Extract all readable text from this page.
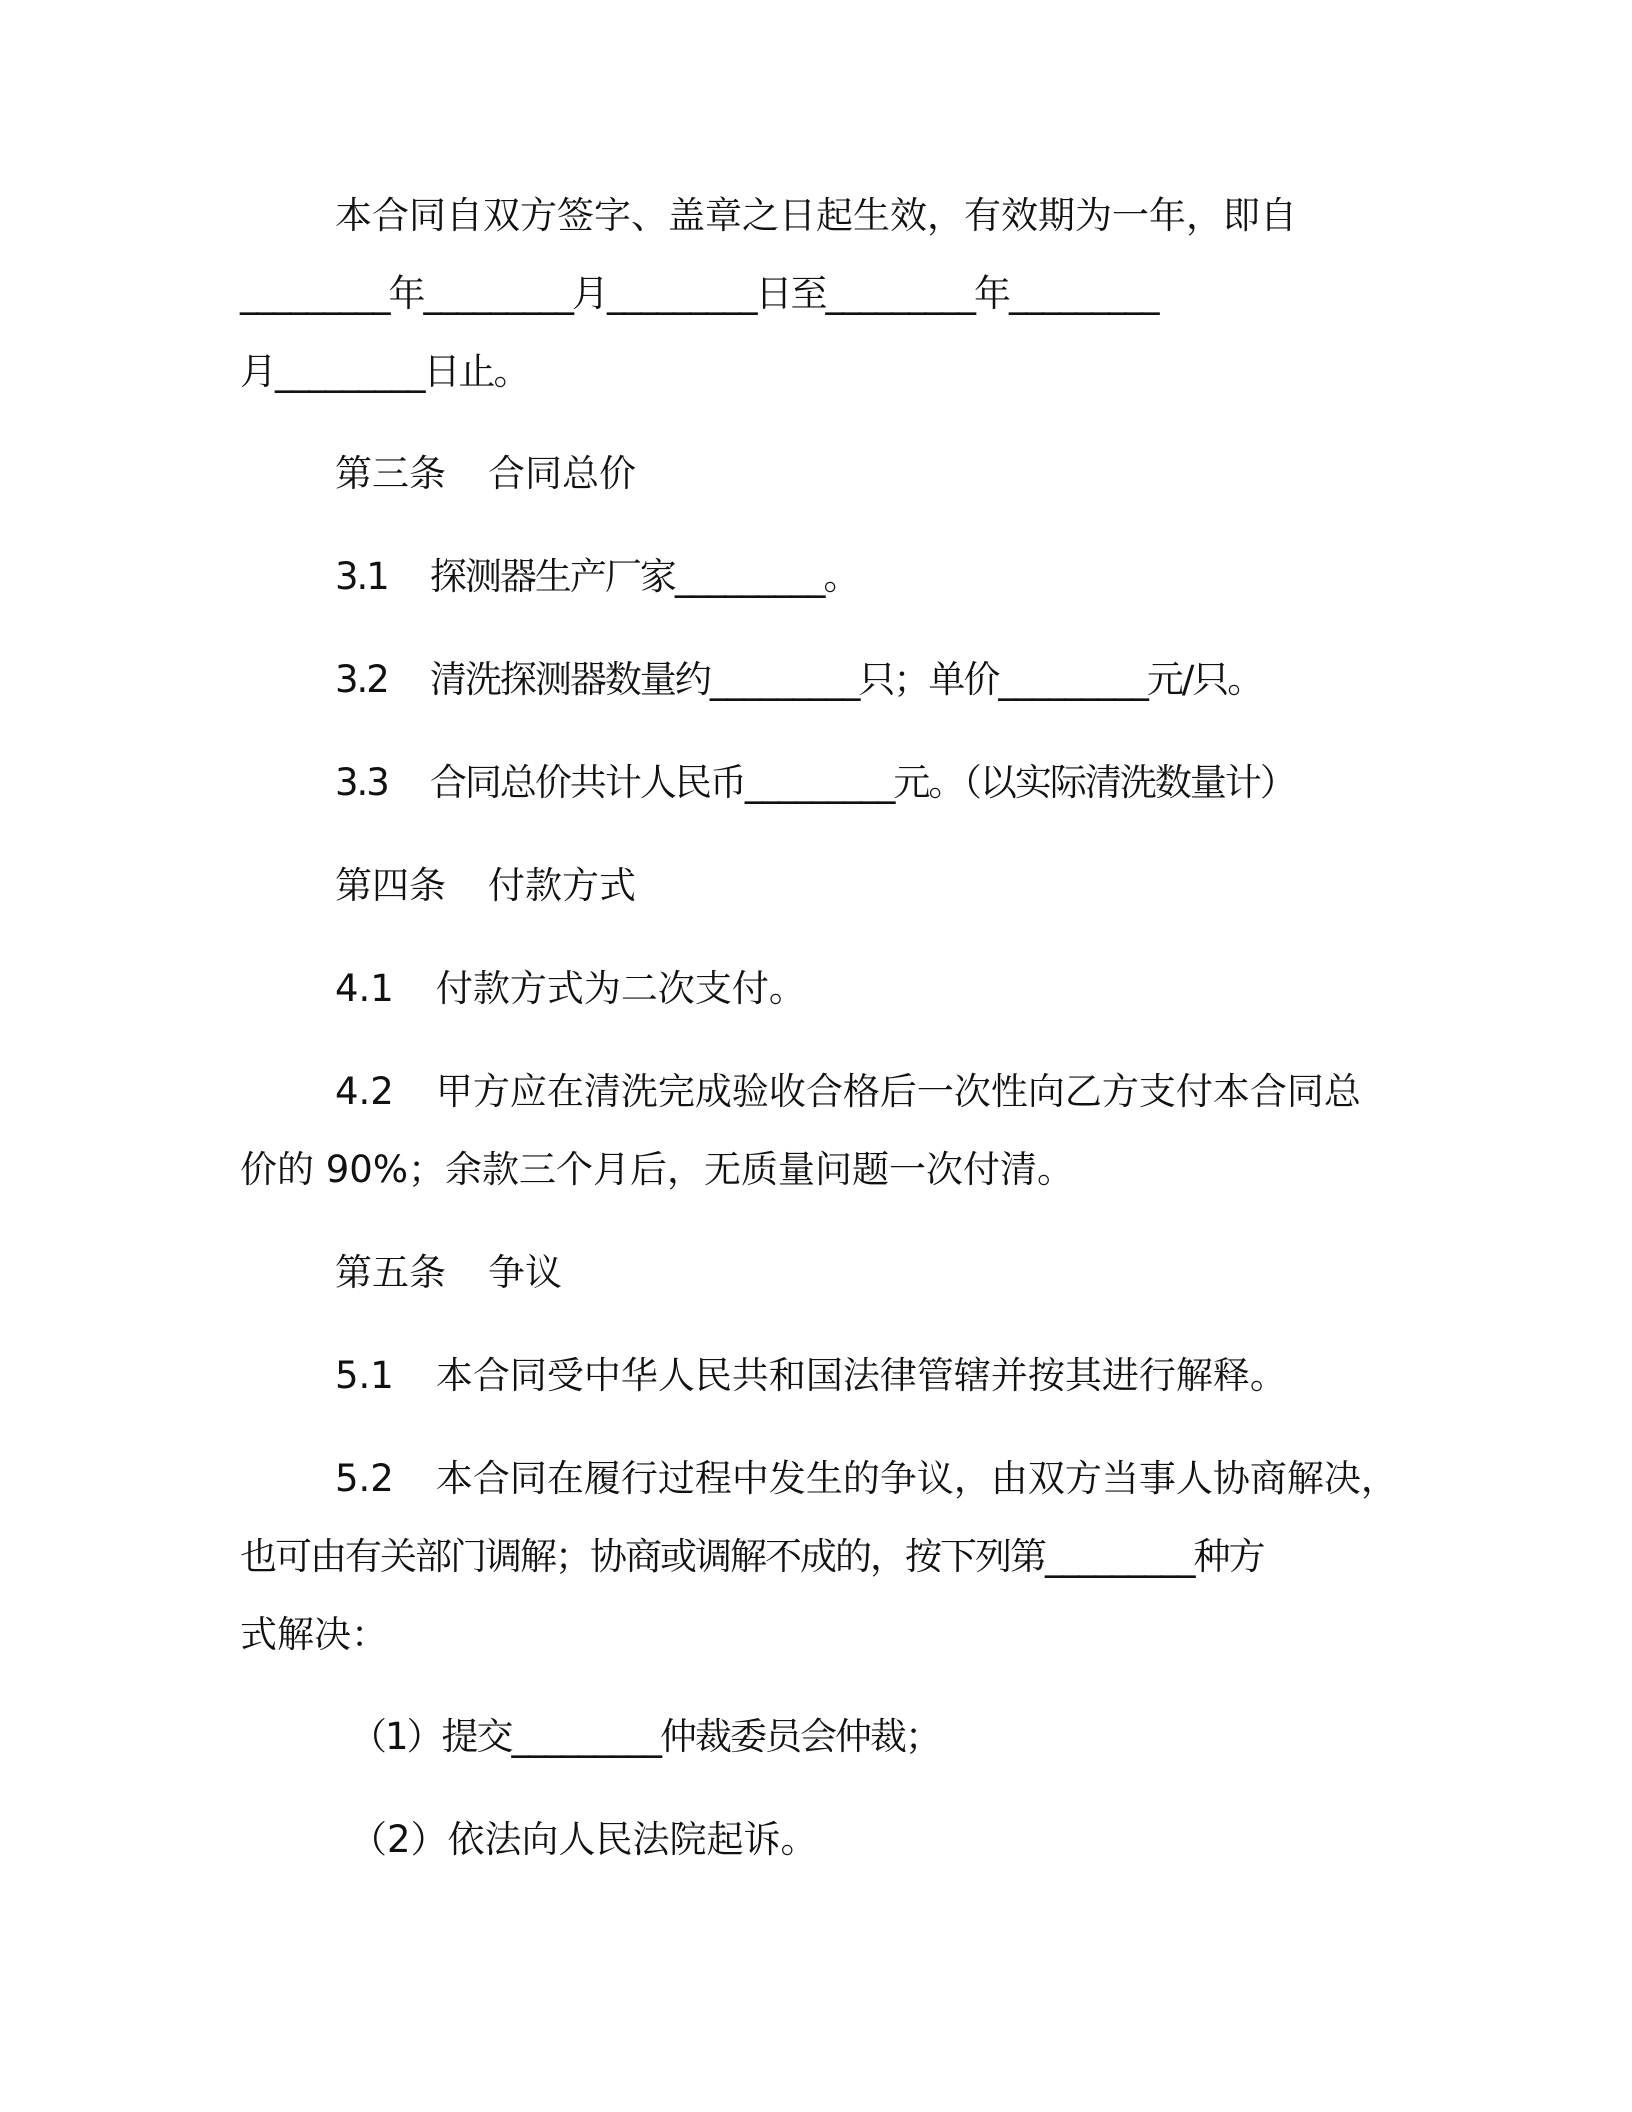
本合同自双方签字、盖章之日起生效，有效期为一年，即自

_________年_________月_________日至_________年_________

月_________日止。

第三条 合同总价

3.1 探测器生产厂家_________。

3.2 清洗探测器数量约_________只；单价_________元/只。

3.3 合同总价共计人民币_________元。（以实际清洗数量计）

第四条 付款方式

4.1 付款方式为二次支付。

4.2 甲方应在清洗完成验收合格后一次性向乙方支付本合同总

价的 90%；余款三个月后，无质量问题一次付清。

第五条 争议

5.1 本合同受中华人民共和国法律管辖并按其进行解释。

5.2 本合同在履行过程中发生的争议，由双方当事人协商解决，

也可由有关部门调解；协商或调解不成的，按下列第_________种方

式解决：

（1）提交_________仲裁委员会仲裁；

（2）依法向人民法院起诉。
